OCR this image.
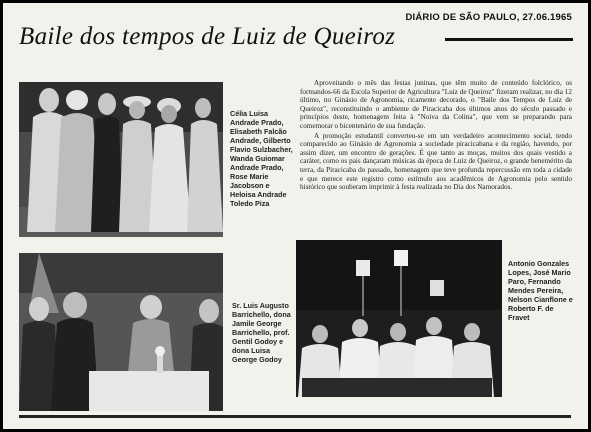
DIÁRIO DE SÃO PAULO, 27.06.1965
Baile dos tempos de Luiz de Queiroz
Célia Luisa Andrade Prado, Elisabeth Falcão Andrade, Gilberto Flavio Sulzbacher, Wanda Guiomar Andrade Prado, Rose Marie Jacobson e Heloisa Andrade Toledo Piza

Aproveitando o mês das festas juninas, que têm muito de conteúdo folclórico, os formandos-66 da Escola Superior de Agricultura "Luiz de Queiroz" fizeram realizar, no dia 12 último, no Ginásio de Agronomia, ricamente decorado, o "Baile dos Tempos de Luiz de Queiroz", reconstituindo o ambiente de Piracicaba dos últimos anos do século passado e princípios deste, homenagem feita à "Noiva da Colina", que vem se preparando para comemorar o bicentenário de sua fundação.

A promoção estudantil converteu-se em um verdadeiro acontecimento social, tendo comparecido ao Ginásio de Agronomia a sociedade piracicabana e da região, havendo, por assim dizer, um encontro de gerações. É que tanto as moças, muitos dos quais vestido a caráter, como os pais dançaram músicas da época de Luiz de Queiroz, o grande benemérito da terra, da Piracicaba do passado, homenagem que teve profunda repercussão em toda a cidade e que merece este registro como estímulo aos acadêmicos de Agronomia pelo sentido histórico que souberam imprimir à festa realizada no Dia dos Namorados.

Sr. Luis Augusto Barrichello, dona Jamile George Barrichello, prof. Gentil Godoy e dona Luisa George Godoy
Antonio Gonzales Lopes, José Mario Paro, Fernando Mendes Pereira, Nelson Cianflone e Roberto F. de Fravet
